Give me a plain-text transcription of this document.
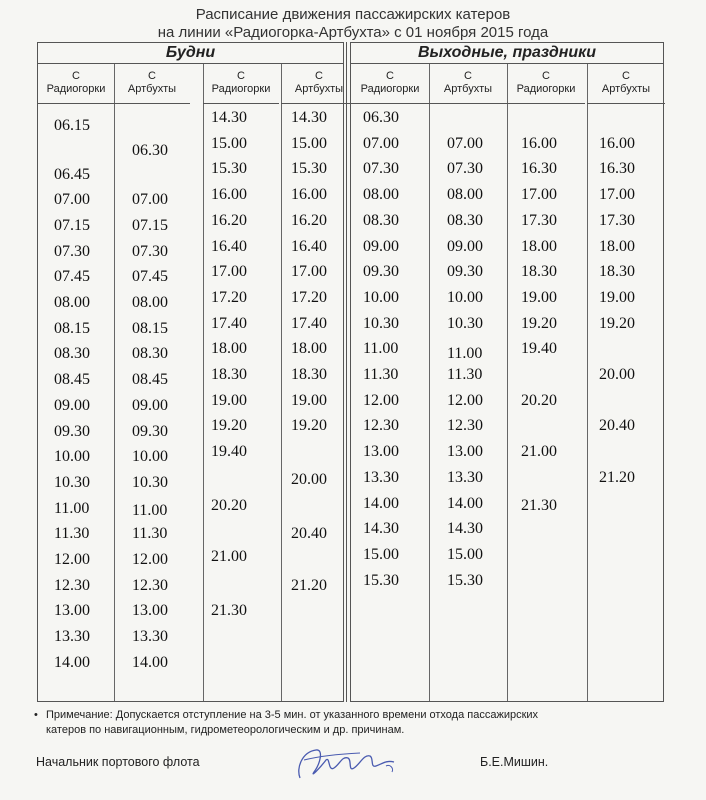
Расписание движения пассажирских катеров
на линии «Радиогорка-Артбухта» с 01 ноября 2015 года
Будни
С
Радиогорки
06.15
06.45
07.00
07.15
07.30
07.45
08.00
08.15
08.30
08.45
09.00
09.30
10.00
10.30
11.00
11.30
12.00
12.30
13.00
13.30
14.00
С
Артбухты
06.30
07.00
07.15
07.30
07.45
08.00
08.15
08.30
08.45
09.00
09.30
10.00
10.30
11.00
11.30
12.00
12.30
13.00
13.30
14.00
С
Радиогорки
14.30
15.00
15.30
16.00
16.20
16.40
17.00
17.20
17.40
18.00
18.30
19.00
19.20
19.40
20.20
21.00
21.30
С
Артбухты
14.30
15.00
15.30
16.00
16.20
16.40
17.00
17.20
17.40
18.00
18.30
19.00
19.20
20.00
20.40
21.20
Выходные, праздники
С
Радиогорки
06.30
07.00
07.30
08.00
08.30
09.00
09.30
10.00
10.30
11.00
11.30
12.00
12.30
13.00
13.30
14.00
14.30
15.00
15.30
С
Артбухты
07.00
07.30
08.00
08.30
09.00
09.30
10.00
10.30
11.00
11.30
12.00
12.30
13.00
13.30
14.00
14.30
15.00
15.30
С
Радиогорки
16.00
16.30
17.00
17.30
18.00
18.30
19.00
19.20
19.40
20.20
21.00
21.30
С
Артбухты
16.00
16.30
17.00
17.30
18.00
18.30
19.00
19.20
20.00
20.40
21.20
• Примечание: Допускается отступление на 3-5 мин. от указанного времени отхода пассажирских
катеров по навигационным, гидрометеорологическим и др. причинам.
Начальник портового флота	Б.Е.Мишин.
